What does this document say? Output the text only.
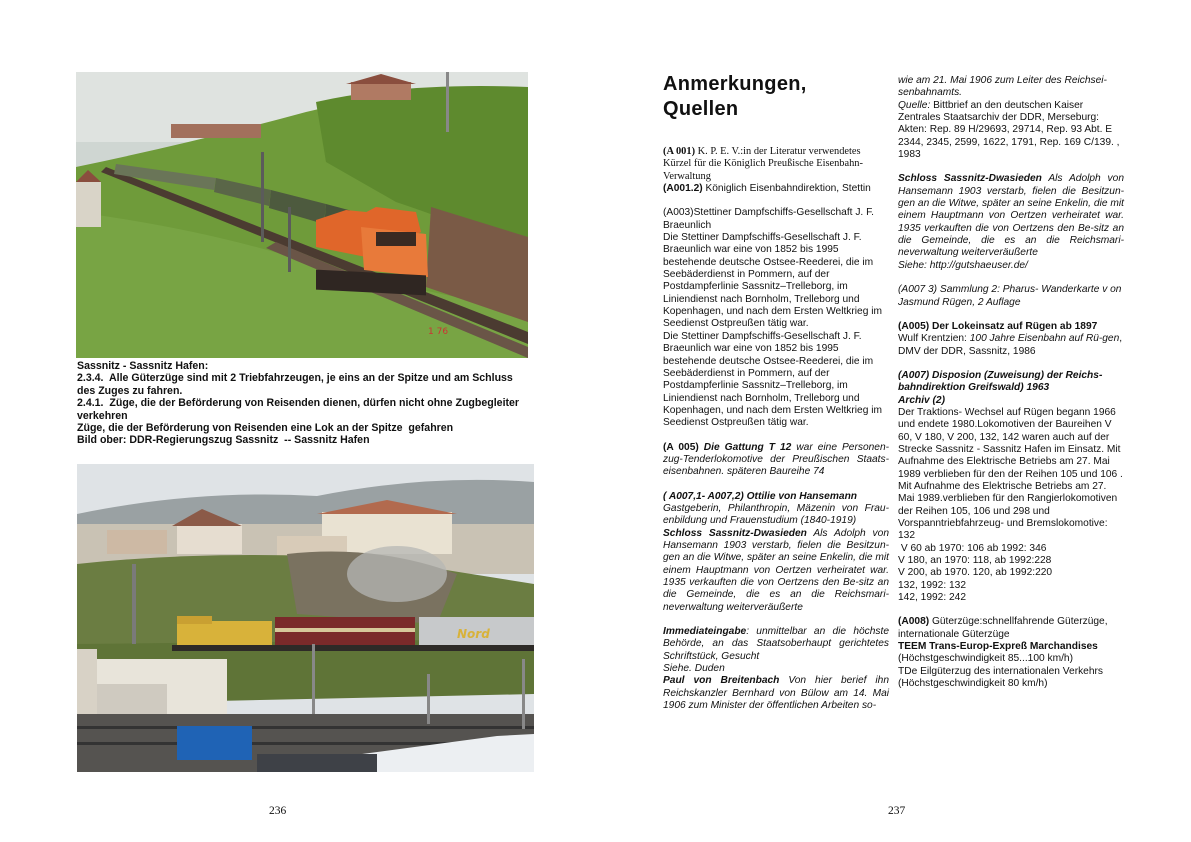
1 76
Sassnitz - Sassnitz Hafen:
2.3.4.  Alle Güterzüge sind mit 2 Triebfahrzeugen, je eins an der Spitze und am Schluss des Zuges zu fahren.
2.4.1.  Züge, die der Beförderung von Reisenden dienen, dürfen nicht ohne Zugbegleiter verkehren
Züge, die der Beförderung von Reisenden eine Lok an der Spitze  gefahren
Bild ober: DDR-Regierungszug Sassnitz  -- Sassnitz Hafen
Nord
236
Anmerkungen,
Quellen

(A 001) K. P. E. V.:in der Literatur verwendetes Kürzel für die Königlich Preußische Eisenbahn-Verwaltung

(A001.2) Königlich Eisenbahndirektion, Stettin

(A003)Stettiner Dampfschiffs-Gesellschaft J. F. Braeunlich

Die Stettiner Dampfschiffs-Gesellschaft J. F. Braeunlich war eine von 1852 bis 1995 bestehende deutsche Ostsee-Reederei, die im Seebäderdienst in Pommern, auf der Postdampferlinie Sassnitz–Trelleborg, im Liniendienst nach Bornholm, Trelleborg und Kopenhagen, und nach dem Ersten Weltkrieg im Seedienst Ostpreußen tätig war.

Die Stettiner Dampfschiffs-Gesellschaft J. F. Braeunlich war eine von 1852 bis 1995 bestehende deutsche Ostsee-Reederei, die im Seebäderdienst in Pommern, auf der Postdampferlinie Sassnitz–Trelleborg, im Liniendienst nach Bornholm, Trelleborg und Kopenhagen, und nach dem Ersten Weltkrieg im Seedienst Ostpreußen tätig war.

(A 005) Die Gattung T 12 war eine Personen-zug-Tenderlokomotive der Preußischen Staats-eisenbahnen. späteren Baureihe 74

( A007,1- A007,2) Ottilie von Hansemann

Gastgeberin, Philanthropin, Mäzenin von Frau-enbildung und Frauenstudium (1840-1919)

Schloss Sassnitz-Dwasieden Als Adolph von Hansemann 1903 verstarb, fielen die Besitzun-gen an die Witwe, später an seine Enkelin, die mit einem Hauptmann von Oertzen verheiratet war. 1935 verkauften die von Oertzens den Be-sitz an die Gemeinde, die es an die Reichsmari-neverwaltung weiterveräußerte

Immediateingabe: unmittelbar an die höchste Behörde, an das Staatsoberhaupt gerichtetes Schriftstück, Gesucht

Siehe. Duden

Paul von Breitenbach Von hier berief ihn Reichskanzler Bernhard von Bülow am 14. Mai 1906 zum Minister der öffentlichen Arbeiten so-

wie am 21. Mai 1906 zum Leiter des Reichsei-senbahnamts.

Quelle: Bittbrief an den deutschen Kaiser Zentrales Staatsarchiv der DDR, Merseburg: Akten: Rep. 89 H/29693, 29714, Rep. 93 Abt. E 2344, 2345, 2599, 1622, 1791, Rep. 169 C/139. , 1983

Schloss Sassnitz-Dwasieden Als Adolph von Hansemann 1903 verstarb, fielen die Besitzun-gen an die Witwe, später an seine Enkelin, die mit einem Hauptmann von Oertzen verheiratet war. 1935 verkauften die von Oertzens den Be-sitz an die Gemeinde, die es an die Reichsmari-neverwaltung weiterveräußerte

Siehe: http://gutshaeuser.de/

(A007 3) Sammlung 2: Pharus- Wanderkarte v on Jasmund Rügen, 2 Auflage

(A005) Der Lokeinsatz auf Rügen ab 1897

Wulf Krentzien: 100 Jahre Eisenbahn auf Rü-gen, DMV der DDR, Sassnitz, 1986

(A007) Disposion (Zuweisung) der Reichs-bahndirektion Greifswald) 1963

Archiv (2)

Der Traktions- Wechsel auf Rügen begann 1966 und endete 1980.Lokomotiven der Baureihen V 60, V 180, V 200, 132, 142 waren auch auf der Strecke Sassnitz - Sassnitz Hafen im Einsatz. Mit Aufnahme des Elektrische Betriebs am 27. Mai 1989 verblieben für den der Reihen 105 und 106 . Mit Aufnahme des Elektrische Betriebs am 27. Mai 1989.verblieben für den Rangierlokomotiven der Reihen 105, 106 und 298 und Vorspanntriebfahrzeug- und Bremslokomotive: 132

V 60 ab 1970: 106 ab 1992: 346

V 180, an 1970: 118, ab 1992:228

V 200, ab 1970. 120, ab 1992:220

132, 1992: 132

142, 1992: 242

(A008) Güterzüge:schnellfahrende Güterzüge, internationale Güterzüge

TEEM Trans-Europ-Expreß Marchandises

(Höchstgeschwindigkeit 85...100 km/h)

TDe Eilgüterzug des internationalen Verkehrs

(Höchstgeschwindigkeit 80 km/h)

237
